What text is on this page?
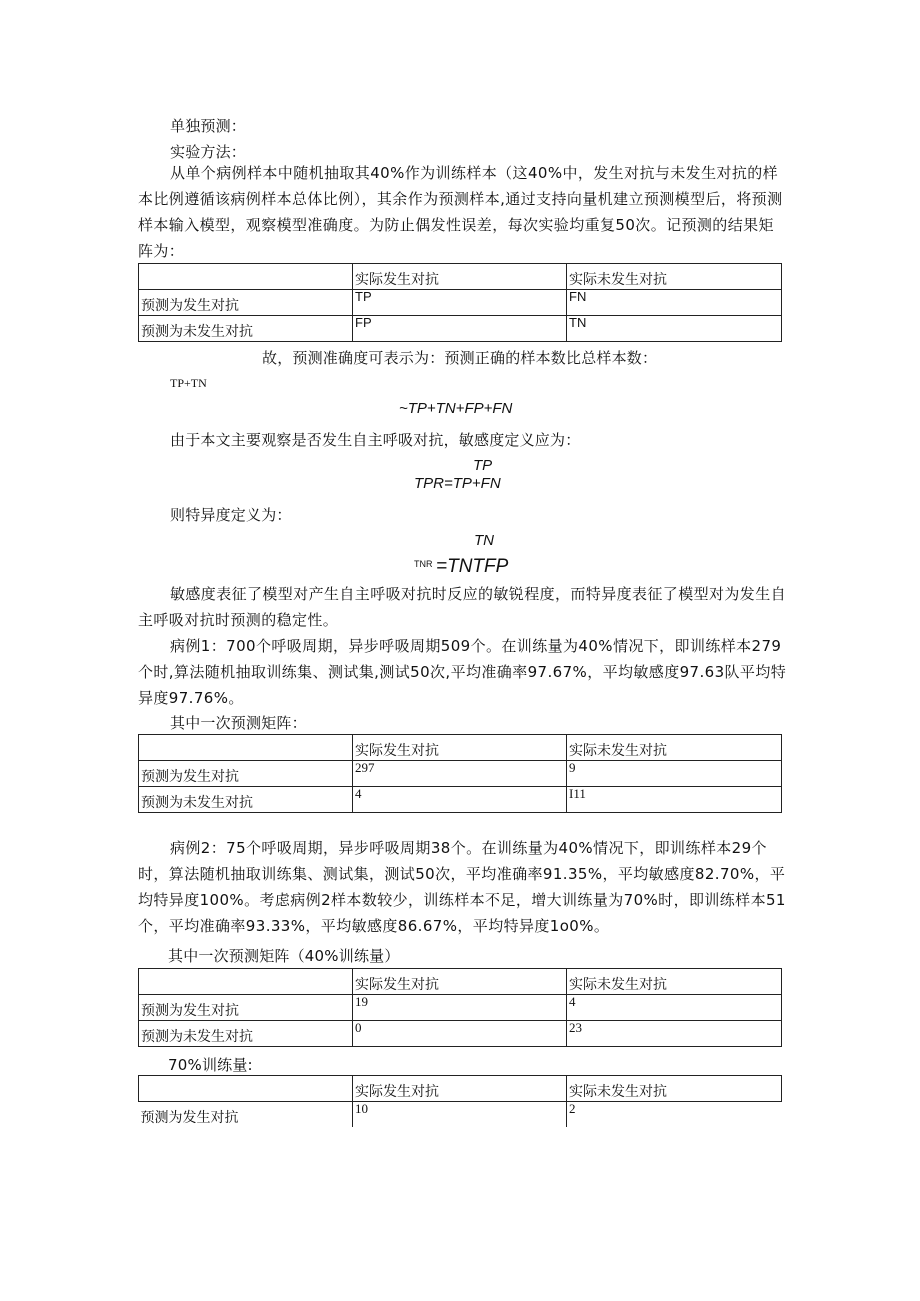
单独预测：
实验方法：
从单个病例样本中随机抽取其40%作为训练样本（这40%中，发生对抗与未发生对抗的样本比例遵循该病例样本总体比例），其余作为预测样本,通过支持向量机建立预测模型后，将预测样本输入模型，观察模型准确度。为防止偶发性误差，每次实验均重复50次。记预测的结果矩阵为：
	实际发生对抗	实际未发生对抗
预测为发生对抗	TP	FN
预测为未发生对抗	FP	TN
故，预测准确度可表示为：预测正确的样本数比总样本数：
TP+TN
~TP+TN+FP+FN
由于本文主要观察是否发生自主呼吸对抗，敏感度定义应为：
TP
TPR=TP+FN
则特异度定义为：
TN
TNR =TNTFP
敏感度表征了模型对产生自主呼吸对抗时反应的敏锐程度，而特异度表征了模型对为发生自主呼吸对抗时预测的稳定性。
病例1：700个呼吸周期，异步呼吸周期509个。在训练量为40%情况下，即训练样本279个时,算法随机抽取训练集、测试集,测试50次,平均准确率97.67%，平均敏感度97.63队平均特异度97.76%。
其中一次预测矩阵：
	实际发生对抗	实际未发生对抗
预测为发生对抗	297	9
预测为未发生对抗	4	I11
病例2：75个呼吸周期，异步呼吸周期38个。在训练量为40%情况下，即训练样本29个时，算法随机抽取训练集、测试集，测试50次，平均准确率91.35%，平均敏感度82.70%，平均特异度100%。考虑病例2样本数较少，训练样本不足，增大训练量为70%时，即训练样本51个，平均准确率93.33%，平均敏感度86.67%，平均特异度1o0%。
其中一次预测矩阵（40%训练量）
	实际发生对抗	实际未发生对抗
预测为发生对抗	19	4
预测为未发生对抗	0	23
70%训练量:
	实际发生对抗	实际未发生对抗
预测为发生对抗	10	2
